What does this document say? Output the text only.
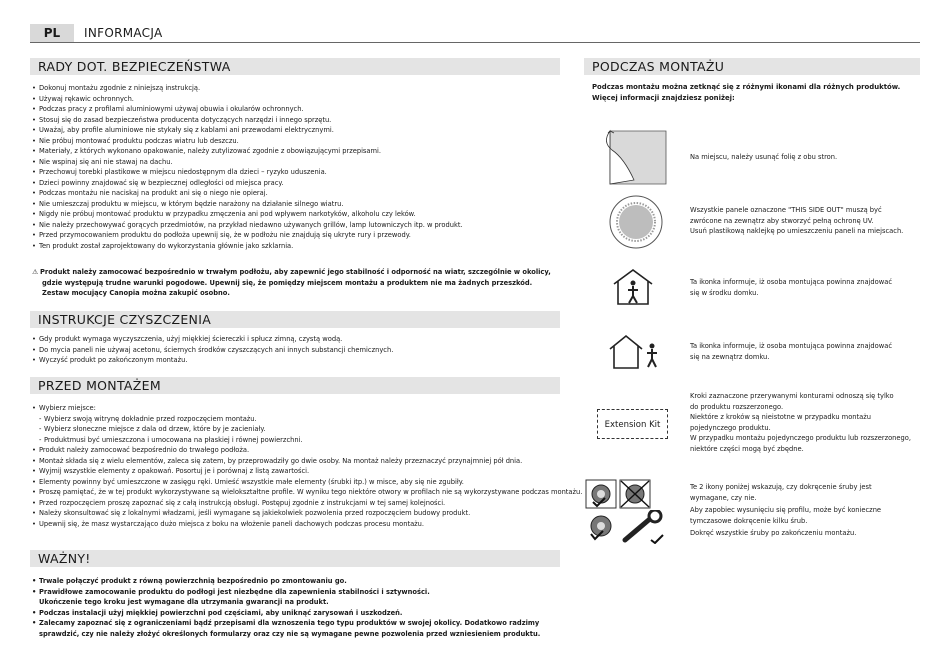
PL	INFORMACJA
RADY DOT. BEZPIECZEŃSTWA
• Dokonuj montażu zgodnie z niniejszą instrukcją.
• Używaj rękawic ochronnych.
• Podczas pracy z profilami aluminiowymi używaj obuwia i okularów ochronnych.
• Stosuj się do zasad bezpieczeństwa producenta dotyczących narzędzi i innego sprzętu.
• Uważaj, aby profile aluminiowe nie stykały się z kablami ani przewodami elektrycznymi.
• Nie próbuj montować produktu podczas wiatru lub deszczu.
• Materiały, z których wykonano opakowanie, należy zutylizować zgodnie z obowiązującymi przepisami.
• Nie wspinaj się ani nie stawaj na dachu.
• Przechowuj torebki plastikowe w miejscu niedostępnym dla dzieci – ryzyko uduszenia.
• Dzieci powinny znajdować się w bezpiecznej odległości od miejsca pracy.
• Podczas montażu nie naciskaj na produkt ani się o niego nie opieraj.
• Nie umieszczaj produktu w miejscu, w którym będzie narażony na działanie silnego wiatru.
• Nigdy nie próbuj montować produktu w przypadku zmęczenia ani pod wpływem narkotyków, alkoholu czy leków.
• Nie należy przechowywać gorących przedmiotów, na przykład niedawno używanych grillów, lamp lutowniczych itp. w produkt.
• Przed przymocowaniem produktu do podłoża upewnij się, że w podłożu nie znajdują się ukryte rury i przewody.
• Ten produkt został zaprojektowany do wykorzystania głównie jako szklarnia.
⚠ Produkt należy zamocować bezpośrednio w trwałym podłożu, aby zapewnić jego stabilność i odporność na wiatr, szczególnie w okolicy,
gdzie występują trudne warunki pogodowe. Upewnij się, że pomiędzy miejscem montażu a produktem nie ma żadnych przeszkód.
Zestaw mocujący Canopia można zakupić osobno.
INSTRUKCJE CZYSZCZENIA
• Gdy produkt wymaga wyczyszczenia, użyj miękkiej ściereczki i spłucz zimną, czystą wodą.
• Do mycia paneli nie używaj acetonu, ściernych środków czyszczących ani innych substancji chemicznych.
• Wyczyść produkt po zakończonym montażu.
PRZED MONTAŻEM
• Wybierz miejsce:
- Wybierz swoją witrynę dokładnie przed rozpoczęciem montażu.
- Wybierz słoneczne miejsce z dala od drzew, które by je zacieniały.
- Produktmusi być umieszczona i umocowana na płaskiej i równej powierzchni.
• Produkt należy zamocować bezpośrednio do trwałego podłoża.
• Montaż składa się z wielu elementów, zaleca się zatem, by przeprowadziły go dwie osoby. Na montaż należy przeznaczyć przynajmniej pół dnia.
• Wyjmij wszystkie elementy z opakowań. Posortuj je i porównaj z listą zawartości.
• Elementy powinny być umieszczone w zasięgu ręki. Umieść wszystkie małe elementy (śrubki itp.) w misce, aby się nie zgubiły.
• Proszę pamiętać, że w tej produkt wykorzystywane są wielokształtne profile. W wyniku tego niektóre otwory w profilach nie są wykorzystywane podczas montażu.
• Przed rozpoczęciem proszę zapoznać się z całą instrukcją obsługi. Postępuj zgodnie z instrukcjami w tej samej kolejności.
• Należy skonsultować się z lokalnymi władzami, jeśli wymagane są jakiekolwiek pozwolenia przed rozpoczęciem budowy produkt.
• Upewnij się, że masz wystarczająco dużo miejsca z boku na włożenie paneli dachowych podczas procesu montażu.
WAŻNY!
• Trwale połączyć produkt z równą powierzchnią bezpośrednio po zmontowaniu go.
• Prawidłowe zamocowanie produktu do podłogi jest niezbędne dla zapewnienia stabilności i sztywności.
Ukończenie tego kroku jest wymagane dla utrzymania gwarancji na produkt.
• Podczas instalacji użyj miękkiej powierzchni pod częściami, aby uniknąć zarysowań i uszkodzeń.
• Zalecamy zapoznać się z ograniczeniami bądź przepisami dla wznoszenia tego typu produktów w swojej okolicy. Dodatkowo radzimy
sprawdzić, czy nie należy złożyć określonych formularzy oraz czy nie są wymagane pewne pozwolenia przed wzniesieniem produktu.
PODCZAS MONTAŻU
Podczas montażu można zetknąć się z różnymi ikonami dla różnych produktów.
Więcej informacji znajdziesz poniżej:
Na miejscu, należy usunąć folię z obu stron.
Wszystkie panele oznaczone "THIS SIDE OUT" muszą być
zwrócone na zewnątrz aby stworzyć pełną ochronę UV.
Usuń plastikową naklejkę po umieszczeniu paneli na miejscach.
Ta ikonka informuje, iż osoba montująca powinna znajdować
się w środku domku.
Ta ikonka informuje, iż osoba montująca powinna znajdować
się na zewnątrz domku.
Extension Kit
Kroki zaznaczone przerywanymi konturami odnoszą się tylko
do produktu rozszerzonego.
Niektóre z kroków są nieistotne w przypadku montażu
pojedynczego produktu.
W przypadku montażu pojedynczego produktu lub rozszerzonego,
niektóre części mogą być zbędne.
Te 2 ikony poniżej wskazują, czy dokręcenie śruby jest
wymagane, czy nie.
Aby zapobiec wysunięciu się profilu, może być konieczne
tymczasowe dokręcenie kilku śrub.
Dokręć wszystkie śruby po zakończeniu montażu.
